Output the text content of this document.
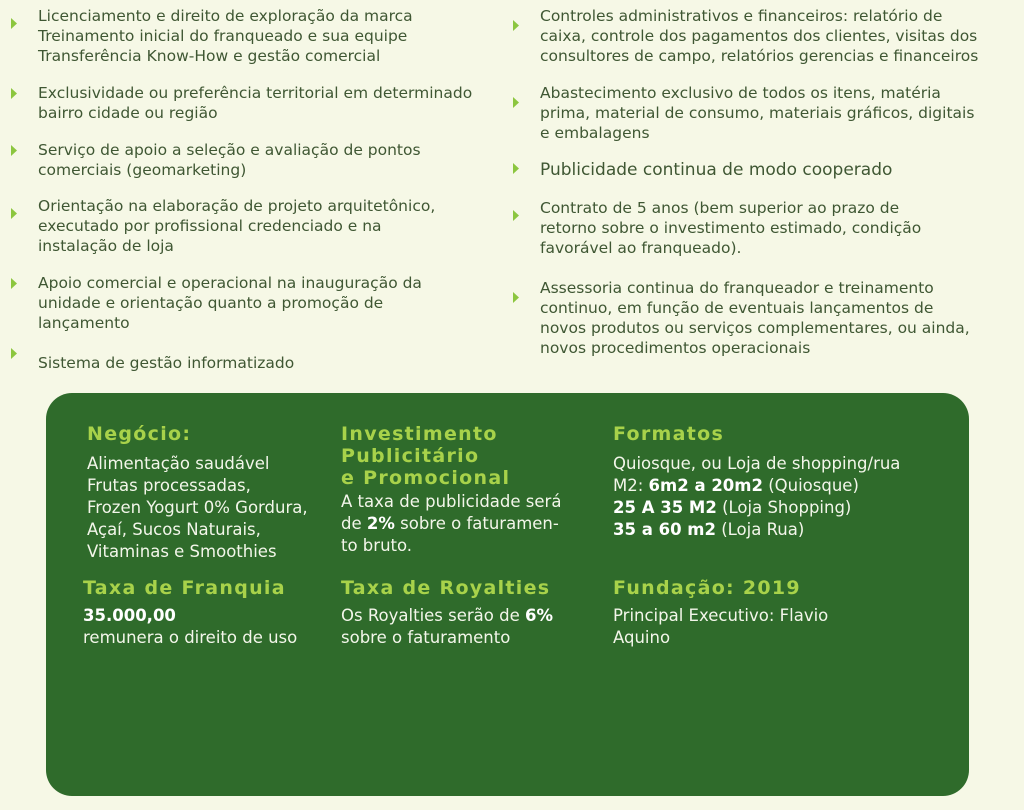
Licenciamento e direito de exploração da marca
Treinamento inicial do franqueado e sua equipe
Transferência Know-How e gestão comercial
Exclusividade ou preferência territorial em determinado
bairro cidade ou região
Serviço de apoio a seleção e avaliação de pontos
comerciais (geomarketing)
Orientação na elaboração de projeto arquitetônico,
executado por profissional credenciado e na
instalação de loja
Apoio comercial e operacional na inauguração da
unidade e orientação quanto a promoção de
lançamento
Sistema de gestão informatizado
Controles administrativos e financeiros: relatório de
caixa, controle dos pagamentos dos clientes, visitas dos
consultores de campo, relatórios gerencias e financeiros
Abastecimento exclusivo de todos os itens, matéria
prima, material de consumo, materiais gráficos, digitais
e embalagens
Publicidade continua de modo cooperado
Contrato de 5 anos (bem superior ao prazo de
retorno sobre o investimento estimado, condição
favorável ao franqueado).
Assessoria continua do franqueador e treinamento
continuo, em função de eventuais lançamentos de
novos produtos ou serviços complementares, ou ainda,
novos procedimentos operacionais
Negócio:
Alimentação saudável
Frutas processadas,
Frozen Yogurt 0% Gordura,
Açaí, Sucos Naturais,
Vitaminas e Smoothies
Investimento
Publicitário
e Promocional
A taxa de publicidade será
de 2% sobre o faturamen-
to bruto.
Formatos
Quiosque, ou Loja de shopping/rua
M2: 6m2 a 20m2 (Quiosque)
25 A 35 M2 (Loja Shopping)
35 a 60 m2 (Loja Rua)
Taxa de Franquia
35.000,00
remunera o direito de uso
Taxa de Royalties
Os Royalties serão de 6%
sobre o faturamento
Fundação: 2019
Principal Executivo: Flavio
Aquino
